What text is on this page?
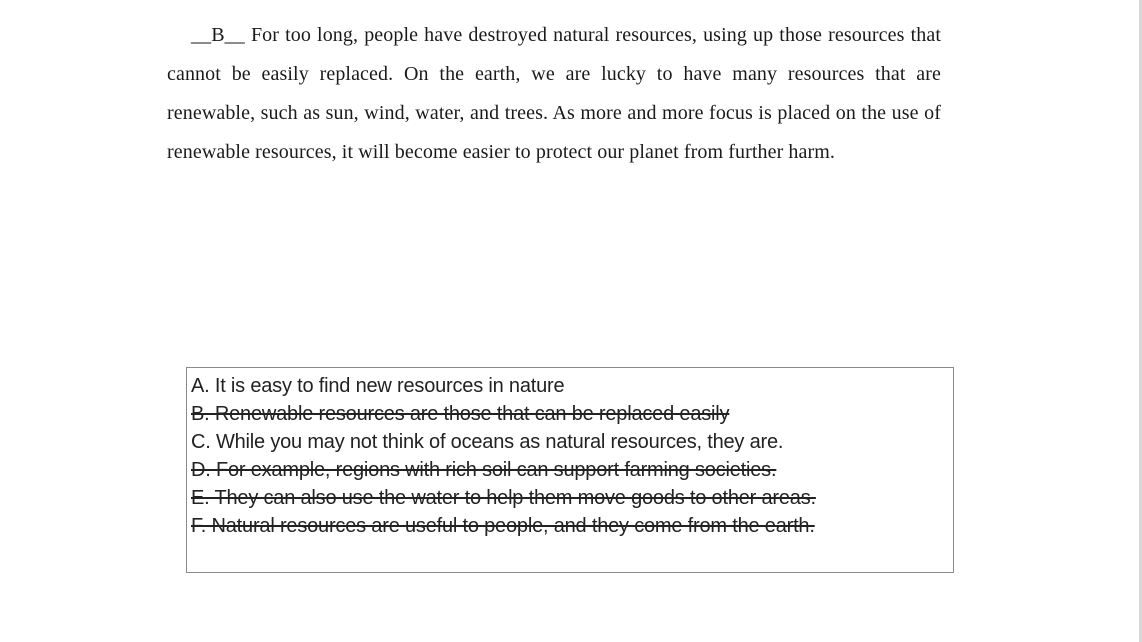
__B__ For too long, people have destroyed natural resources, using up those resources that cannot be easily replaced. On the earth, we are lucky to have many resources that are renewable, such as sun, wind, water, and trees. As more and more focus is placed on the use of renewable resources, it will become easier to protect our planet from further harm.
A. It is easy to find new resources in nature
B. Renewable resources are those that can be replaced easily
C. While you may not think of oceans as natural resources, they are.
D. For example, regions with rich soil can support farming societies.
E. They can also use the water to help them move goods to other areas.
F. Natural resources are useful to people, and they come from the earth.
